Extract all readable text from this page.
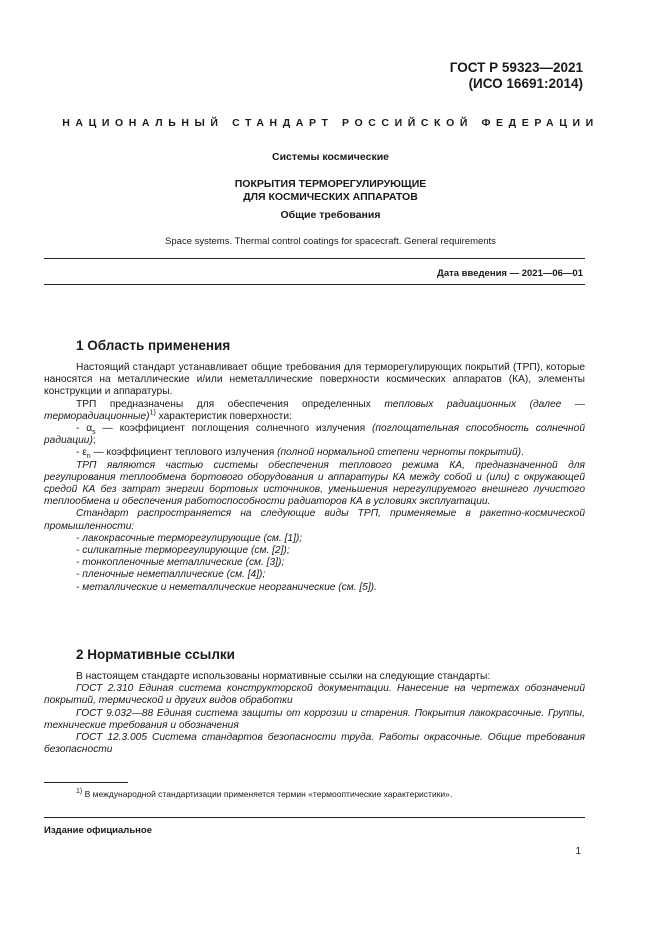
ГОСТ Р 59323—2021
(ИСО 16691:2014)
НАЦИОНАЛЬНЫЙ СТАНДАРТ РОССИЙСКОЙ ФЕДЕРАЦИИ
Системы космические
ПОКРЫТИЯ ТЕРМОРЕГУЛИРУЮЩИЕ
ДЛЯ КОСМИЧЕСКИХ АППАРАТОВ
Общие требования
Space systems. Thermal control coatings for spacecraft. General requirements
Дата введения — 2021—06—01
1 Область применения

Настоящий стандарт устанавливает общие требования для терморегулирующих покрытий (ТРП), которые наносятся на металлические и/или неметаллические поверхности космических аппаратов (КА), элементы конструкции и аппаратуры.

ТРП предназначены для обеспечения определенных тепловых радиационных (далее — терморадиационные)$^{1)}$ характеристик поверхности:

- $\alpha_s$ — коэффициент поглощения солнечного излучения (поглощательная способность солнечной радиации);

- $\varepsilon_n$ — коэффициент теплового излучения (полной нормальной степени черноты покрытий).

ТРП являются частью системы обеспечения теплового режима КА, предназначенной для регулирования теплообмена бортового оборудования и аппаратуры КА между собой и (или) с окружающей средой КА без затрат энергии бортовых источников, уменьшения нерегулируемого внешнего лучистого теплообмена и обеспечения работоспособности радиаторов КА в условиях эксплуатации.

Стандарт распространяется на следующие виды ТРП, применяемые в ракетно-космической промышленности:

- лакокрасочные терморегулирующие (см. [1]);

- силикатные терморегулирующие (см. [2]);

- тонкопленочные металлические (см. [3]);

- пленочные неметаллические (см. [4]);

- металлические и неметаллические неорганические (см. [5]).

2 Нормативные ссылки

В настоящем стандарте использованы нормативные ссылки на следующие стандарты:

ГОСТ 2.310 Единая система конструкторской документации. Нанесение на чертежах обозначений покрытий, термической и других видов обработки

ГОСТ 9.032—88 Единая система защиты от коррозии и старения. Покрытия лакокрасочные. Группы, технические требования и обозначения

ГОСТ 12.3.005 Система стандартов безопасности труда. Работы окрасочные. Общие требования безопасности

$^{1)}$ В международной стандартизации применяется термин «термооптические характеристики».
Издание официальное
1
